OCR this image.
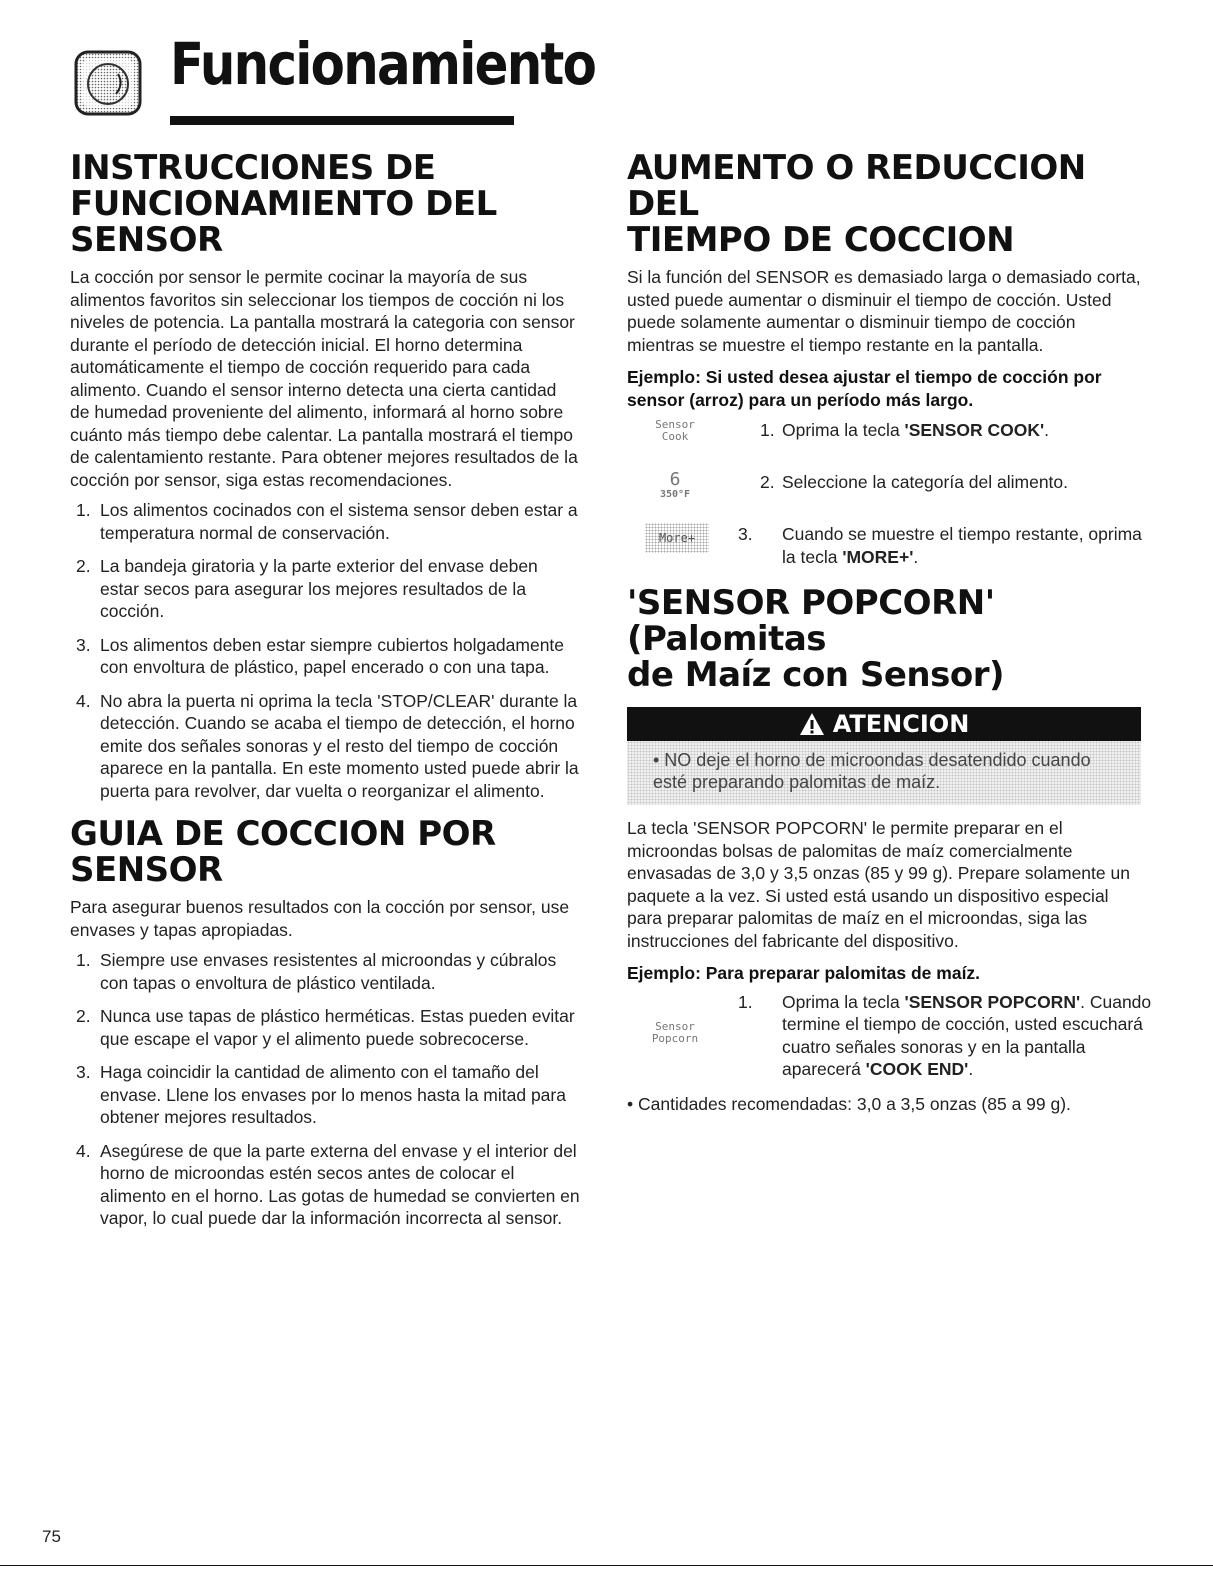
Funcionamiento
INSTRUCCIONES DE
FUNCIONAMIENTO DEL
SENSOR

La cocción por sensor le permite cocinar la mayoría de sus alimentos favoritos sin seleccionar los tiempos de cocción ni los niveles de potencia. La pantalla mostrará la categoria con sensor durante el período de detección inicial. El horno determina automáticamente el tiempo de cocción requerido para cada alimento. Cuando el sensor interno detecta una cierta cantidad de humedad proveniente del alimento, informará al horno sobre cuánto más tiempo debe calentar. La pantalla mostrará el tiempo de calentamiento restante. Para obtener mejores resultados de la cocción por sensor, siga estas recomendaciones.

1. Los alimentos cocinados con el sistema sensor deben estar a temperatura normal de conservación.
2. La bandeja giratoria y la parte exterior del envase deben estar secos para asegurar los mejores resultados de la cocción.
3. Los alimentos deben estar siempre cubiertos holgadamente con envoltura de plástico, papel encerado o con una tapa.
4. No abra la puerta ni oprima la tecla 'STOP/CLEAR' durante la detección. Cuando se acaba el tiempo de detección, el horno emite dos señales sonoras y el resto del tiempo de cocción aparece en la pantalla. En este momento usted puede abrir la puerta para revolver, dar vuelta o reorganizar el alimento.
GUIA DE COCCION POR
SENSOR

Para asegurar buenos resultados con la cocción por sensor, use envases y tapas apropiadas.

1. Siempre use envases resistentes al microondas y cúbralos con tapas o envoltura de plástico ventilada.
2. Nunca use tapas de plástico herméticas. Estas pueden evitar que escape el vapor y el alimento puede sobrecocerse.
3. Haga coincidir la cantidad de alimento con el tamaño del envase. Llene los envases por lo menos hasta la mitad para obtener mejores resultados.
4. Asegúrese de que la parte externa del envase y el interior del horno de microondas estén secos antes de colocar el alimento en el horno. Las gotas de humedad se convierten en vapor, lo cual puede dar la información incorrecta al sensor.
AUMENTO O REDUCCION DEL
TIEMPO DE COCCION

Si la función del SENSOR es demasiado larga o demasiado corta, usted puede aumentar o disminuir el tiempo de cocción. Usted puede solamente aumentar o disminuir tiempo de cocción mientras se muestre el tiempo restante en la pantalla.

Ejemplo: Si usted desea ajustar el tiempo de cocción por sensor (arroz) para un período más largo.

Sensor
Cook	1. Oprima la tecla 'SENSOR COOK'.
6
350°F
2. Seleccione la categoría del alimento.
More+	3. Cuando se muestre el tiempo restante, oprima la tecla 'MORE+'.
'SENSOR POPCORN' (Palomitas
de Maíz con Sensor)
ATENCION
• NO deje el horno de microondas desatendido cuando esté preparando palomitas de maíz.

La tecla 'SENSOR POPCORN' le permite preparar en el microondas bolsas de palomitas de maíz comercialmente envasadas de 3,0 y 3,5 onzas (85 y 99 g). Prepare solamente un paquete a la vez. Si usted está usando un dispositivo especial para preparar palomitas de maíz en el microondas, siga las instrucciones del fabricante del dispositivo.

Ejemplo: Para preparar palomitas de maíz.

Sensor
Popcorn
1. Oprima la tecla 'SENSOR POPCORN'. Cuando termine el tiempo de cocción, usted escuchará cuatro señales sonoras y en la pantalla aparecerá 'COOK END'.

• Cantidades recomendadas: 3,0 a 3,5 onzas (85 a 99 g).

75
